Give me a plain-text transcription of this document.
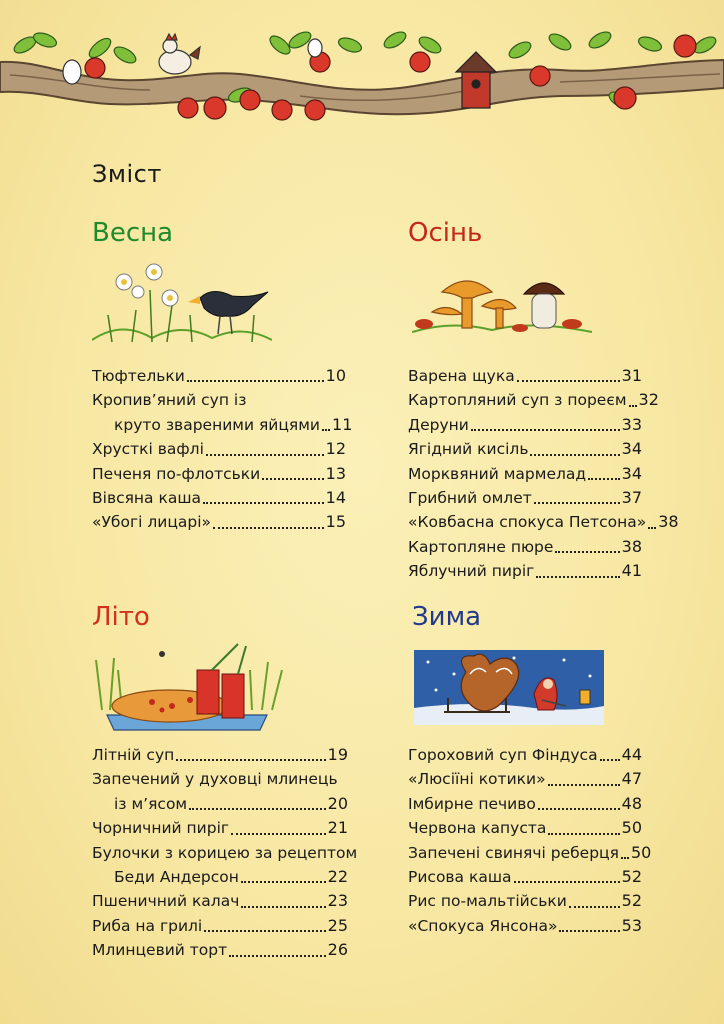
Зміст
Весна
Тюфтельки	10
Кропив’яний суп із
круто звареними яйцями 11
Хрусткі вафлі	12
Печеня по-флотськи	13
Вівсяна каша	14
«Убогі лицарі»	15
Осінь
Варена щука	31
Картопляний суп з пореєм 32
Деруни	33
Ягідний кисіль	34
Морквяний мармелад 34
Грибний омлет	37
«Ковбасна спокуса Петсона» 38
Картопляне пюре	38
Яблучний пиріг	41
Літо
Літній суп	19
Запечений у духовці млинець
із м’ясом	20
Чорничний пиріг	21
Булочки з корицею за рецептом
Беди Андерсон	22
Пшеничний калач	23
Риба на грилі	25
Млинцевий торт	26
Зима
Гороховий суп Фіндуса 44
«Люсіїні котики»	47
Імбирне печиво	48
Червона капуста	50
Запечені свинячі реберця 50
Рисова каша	52
Рис по-мальтійськи	52
«Спокуса Янсона»	53
